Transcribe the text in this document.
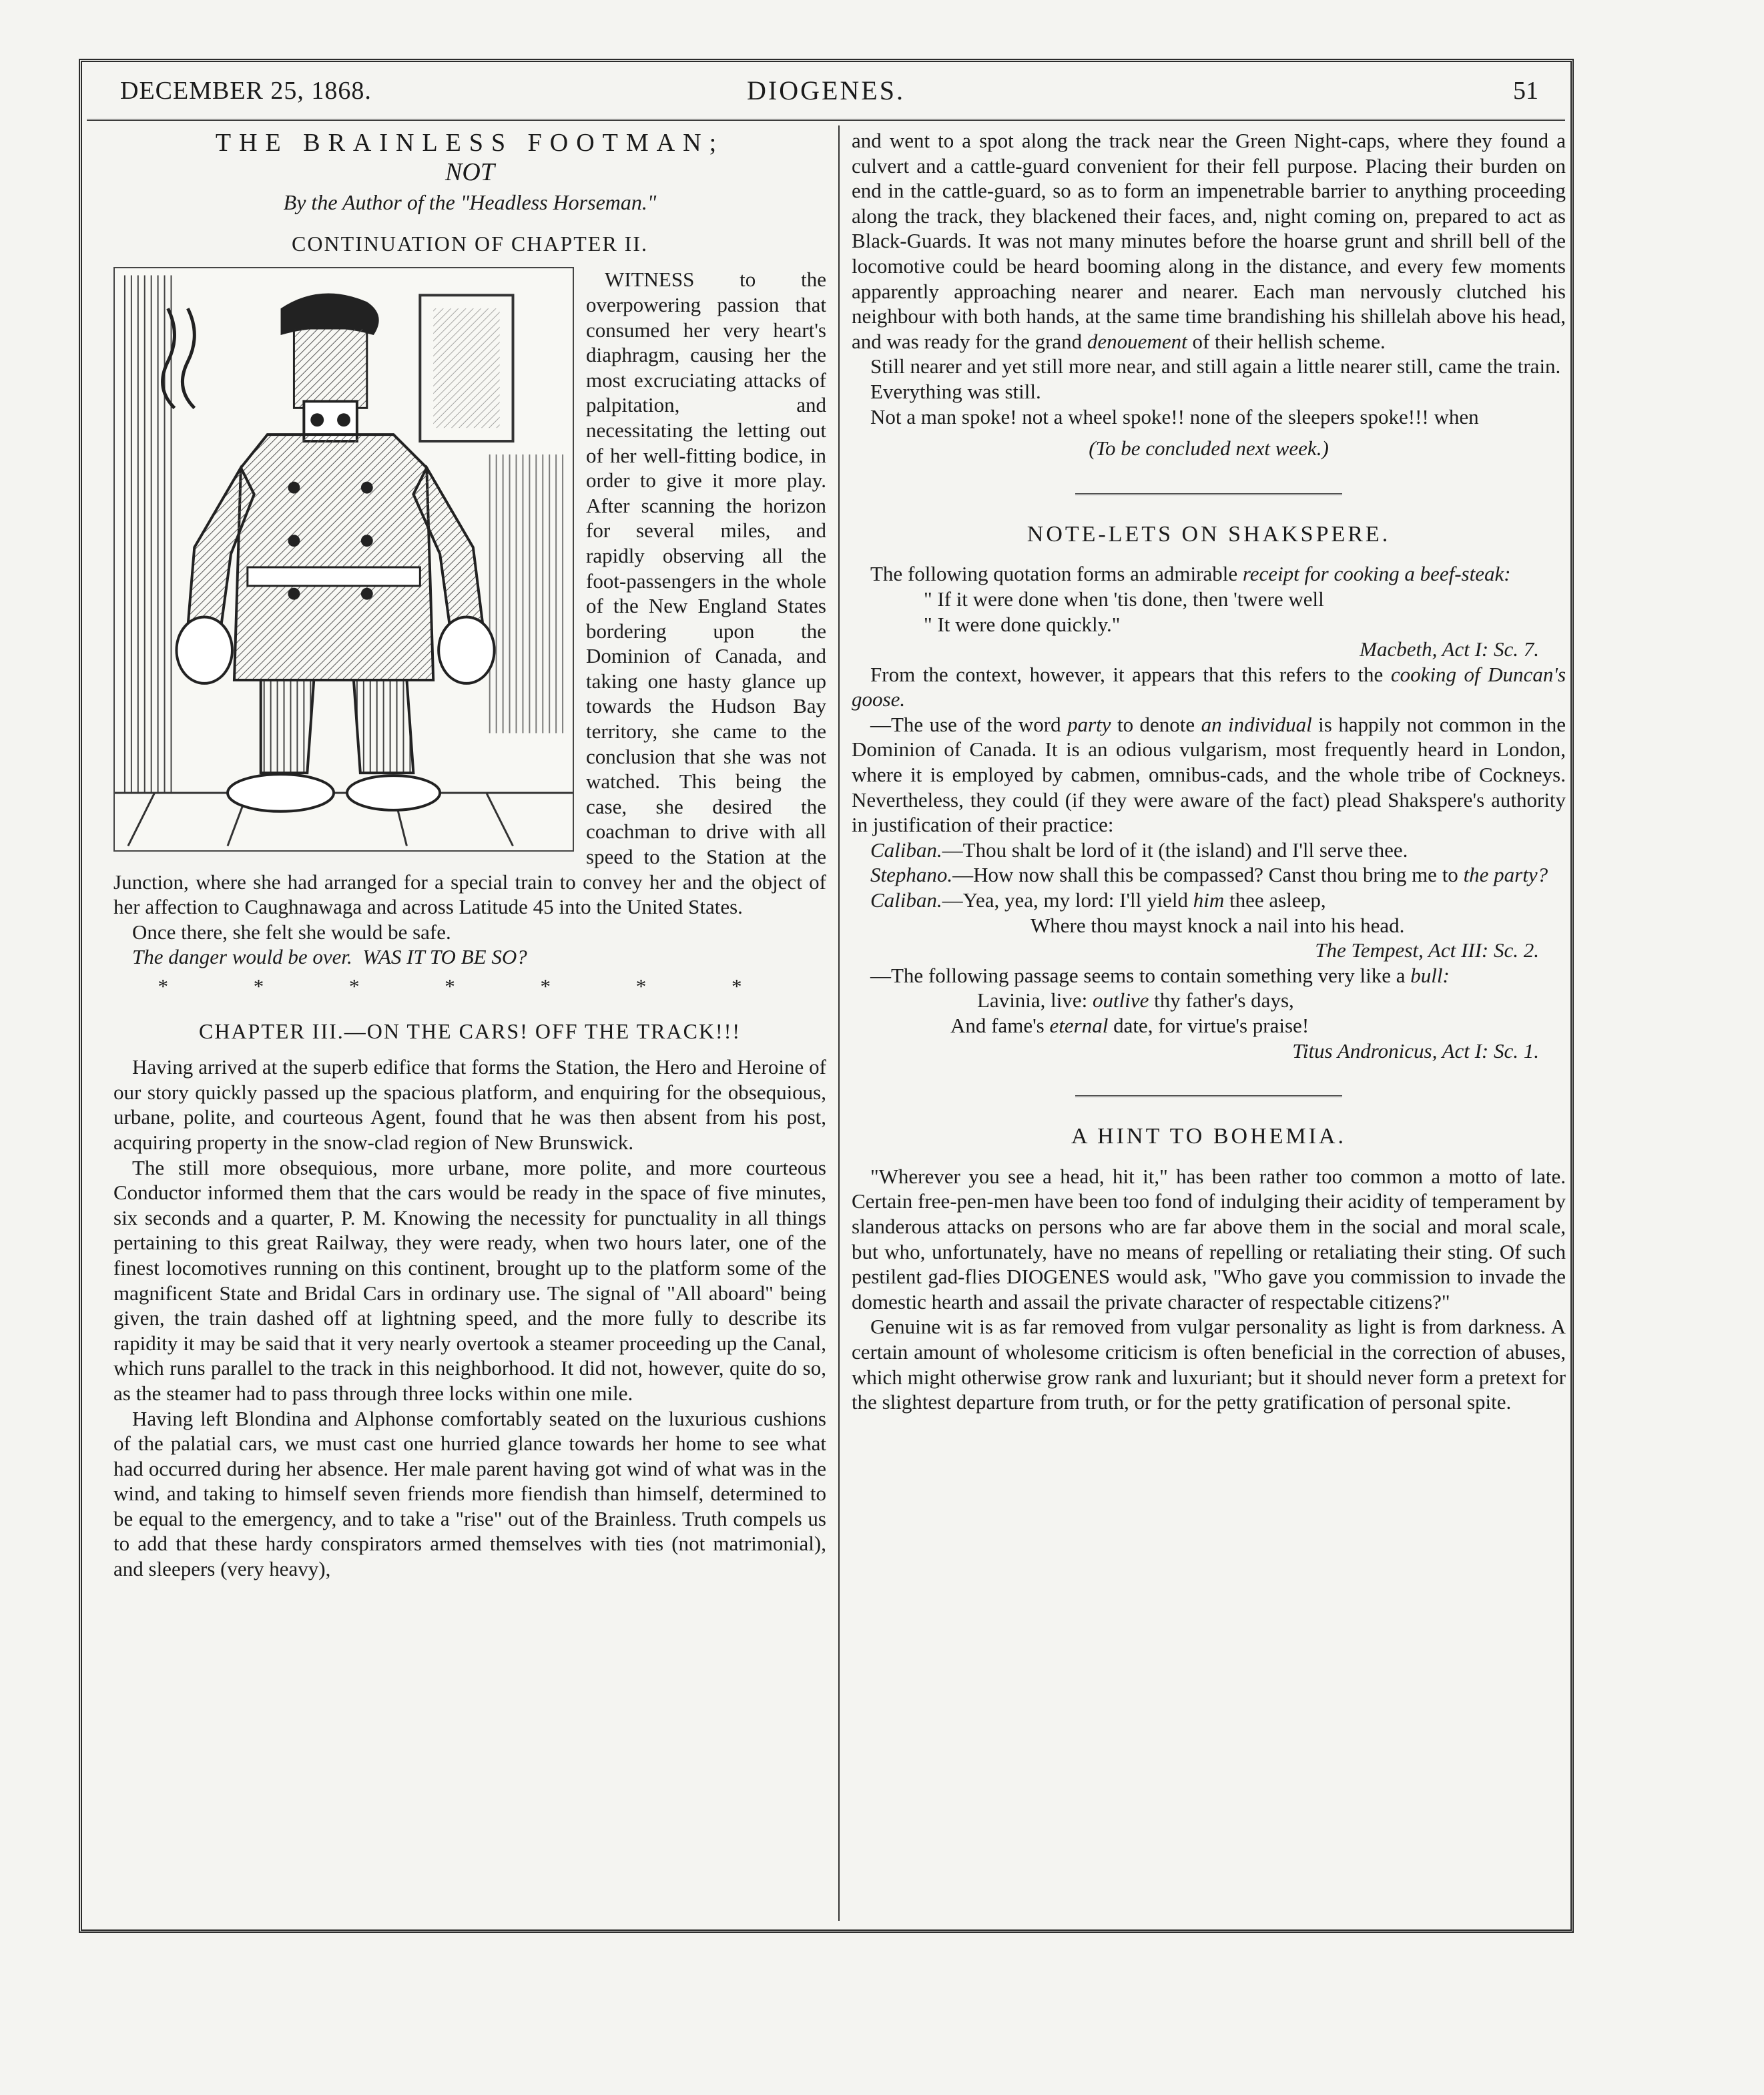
DECEMBER 25, 1868.	DIOGENES.	51
THE BRAINLESS FOOTMAN;
NOT
By the Author of the "Headless Horseman."
CONTINUATION OF CHAPTER II.

WITNESS to the overpowering passion that consumed her very heart's diaphragm, causing her the most excruciating attacks of palpitation, and necessitating the letting out of her well-fitting bodice, in order to give it more play. After scanning the horizon for several miles, and rapidly observing all the foot-passengers in the whole of the New England States bordering upon the Dominion of Canada, and taking one hasty glance up towards the Hudson Bay territory, she came to the conclusion that she was not watched. This being the case, she desired the coachman to drive with all speed to the Station at the Junction, where she had arranged for a special train to convey her and the object of her affection to Caughnawaga and across Latitude 45 into the United States.

Once there, she felt she would be safe.

The danger would be over. WAS IT TO BE SO?

* * * * * * *
CHAPTER III.—ON THE CARS! OFF THE TRACK!!!

Having arrived at the superb edifice that forms the Station, the Hero and Heroine of our story quickly passed up the spacious platform, and enquiring for the obsequious, urbane, polite, and courteous Agent, found that he was then absent from his post, acquiring property in the snow-clad region of New Brunswick.

The still more obsequious, more urbane, more polite, and more courteous Conductor informed them that the cars would be ready in the space of five minutes, six seconds and a quarter, P. M. Knowing the necessity for punctuality in all things pertaining to this great Railway, they were ready, when two hours later, one of the finest locomotives running on this continent, brought up to the platform some of the magnificent State and Bridal Cars in ordinary use. The signal of "All aboard" being given, the train dashed off at lightning speed, and the more fully to describe its rapidity it may be said that it very nearly overtook a steamer proceeding up the Canal, which runs parallel to the track in this neighborhood. It did not, however, quite do so, as the steamer had to pass through three locks within one mile.

Having left Blondina and Alphonse comfortably seated on the luxurious cushions of the palatial cars, we must cast one hurried glance towards her home to see what had occurred during her absence. Her male parent having got wind of what was in the wind, and taking to himself seven friends more fiendish than himself, determined to be equal to the emergency, and to take a "rise" out of the Brainless. Truth compels us to add that these hardy conspirators armed themselves with ties (not matrimonial), and sleepers (very heavy),

and went to a spot along the track near the Green Night-caps, where they found a culvert and a cattle-guard convenient for their fell purpose. Placing their burden on end in the cattle-guard, so as to form an impenetrable barrier to anything proceeding along the track, they blackened their faces, and, night coming on, prepared to act as Black-Guards. It was not many minutes before the hoarse grunt and shrill bell of the locomotive could be heard booming along in the distance, and every few moments apparently approaching nearer and nearer. Each man nervously clutched his neighbour with both hands, at the same time brandishing his shillelah above his head, and was ready for the grand denouement of their hellish scheme.

Still nearer and yet still more near, and still again a little nearer still, came the train.

Everything was still.

Not a man spoke! not a wheel spoke!! none of the sleepers spoke!!! when

(To be concluded next week.)
NOTE-LETS ON SHAKSPERE.

The following quotation forms an admirable receipt for cooking a beef-steak:

" If it were done when 'tis done, then 'twere well

" It were done quickly."

Macbeth, Act I: Sc. 7.

From the context, however, it appears that this refers to the cooking of Duncan's goose.

—The use of the word party to denote an individual is happily not common in the Dominion of Canada. It is an odious vulgarism, most frequently heard in London, where it is employed by cabmen, omnibus-cads, and the whole tribe of Cockneys. Nevertheless, they could (if they were aware of the fact) plead Shakspere's authority in justification of their practice:

Caliban.—Thou shalt be lord of it (the island) and I'll serve thee.

Stephano.—How now shall this be compassed? Canst thou bring me to the party?

Caliban.—Yea, yea, my lord: I'll yield him thee asleep,

Where thou mayst knock a nail into his head.

The Tempest, Act III: Sc. 2.

—The following passage seems to contain something very like a bull:

Lavinia, live: outlive thy father's days,

And fame's eternal date, for virtue's praise!

Titus Andronicus, Act I: Sc. 1.

A HINT TO BOHEMIA.

"Wherever you see a head, hit it," has been rather too common a motto of late. Certain free-pen-men have been too fond of indulging their acidity of temperament by slanderous attacks on persons who are far above them in the social and moral scale, but who, unfortunately, have no means of repelling or retaliating their sting. Of such pestilent gad-flies DIOGENES would ask, "Who gave you commission to invade the domestic hearth and assail the private character of respectable citizens?"

Genuine wit is as far removed from vulgar personality as light is from darkness. A certain amount of wholesome criticism is often beneficial in the correction of abuses, which might otherwise grow rank and luxuriant; but it should never form a pretext for the slightest departure from truth, or for the petty gratification of personal spite.
